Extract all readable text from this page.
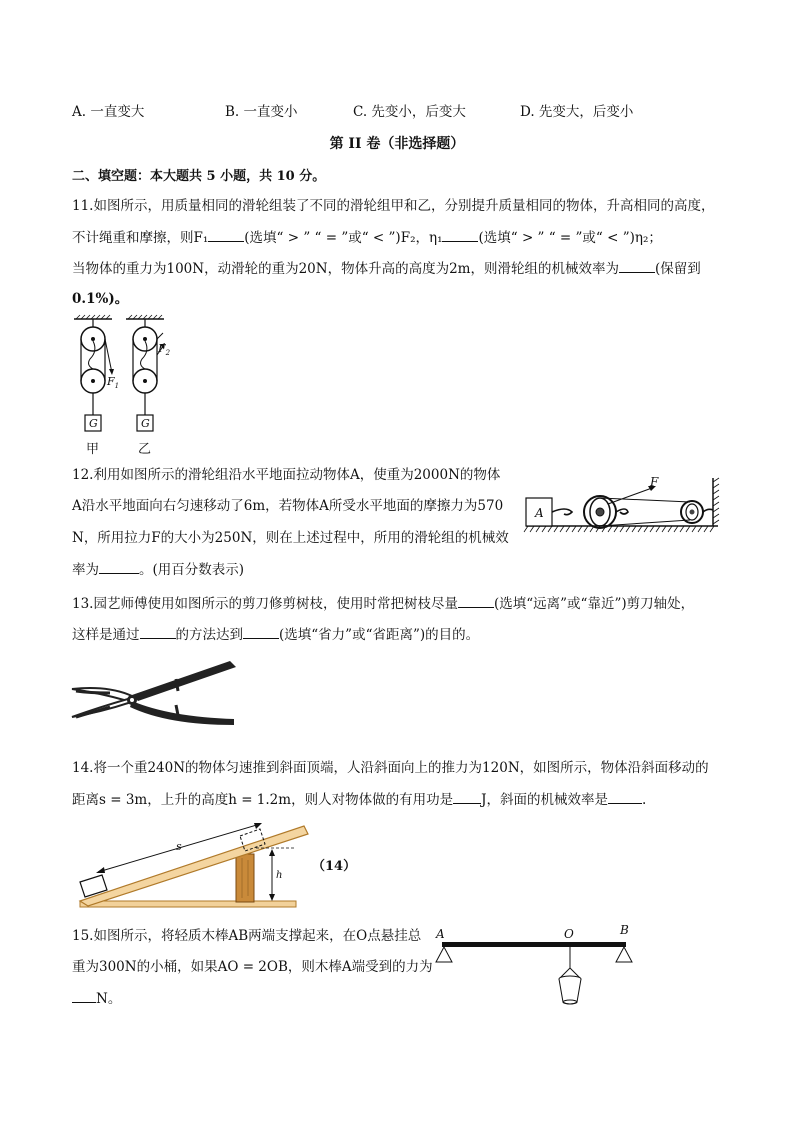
A. 一直变大	B. 一直变小	C. 先变小，后变大	D. 先变大，后变小
第 II 卷（非选择题）
二、填空题：本大题共 5 小题，共 10 分。
11.如图所示，用质量相同的滑轮组装了不同的滑轮组甲和乙，分别提升质量相同的物体，升高相同的高度，
不计绳重和摩擦，则F₁	(选填“ > ” “ = ”或“ < ”)F₂，η₁	(选填“ > ” “ = ”或“ < ”)η₂；
当物体的重力为100N，动滑轮的重为20N，物体升高的高度为2m，则滑轮组的机械效率为	(保留到
0.1%)。
$F_1$
$F_2$
G	G
甲	乙
12.利用如图所示的滑轮组沿水平地面拉动物体A，使重为2000N的物体
A沿水平地面向右匀速移动了6m，若物体A所受水平地面的摩擦力为570
N，所用拉力F的大小为250N，则在上述过程中，所用的滑轮组的机械效
率为	。(用百分数表示)
A
F
13.园艺师傅使用如图所示的剪刀修剪树枝，使用时常把树枝尽量	(选填“远离”或“靠近”)剪刀轴处，
这样是通过	的方法达到	(选填“省力”或“省距离”)的目的。
14.将一个重240N的物体匀速推到斜面顶端，人沿斜面向上的推力为120N，如图所示，物体沿斜面移动的
距离s = 3m，上升的高度h = 1.2m，则人对物体做的有用功是 J，斜面的机械效率是	.
s
h
（14）
15.如图所示，将轻质木棒AB两端支撑起来，在O点悬挂总
重为300N的小桶，如果AO = 2OB，则木棒A端受到的力为
N。
A	O	B
